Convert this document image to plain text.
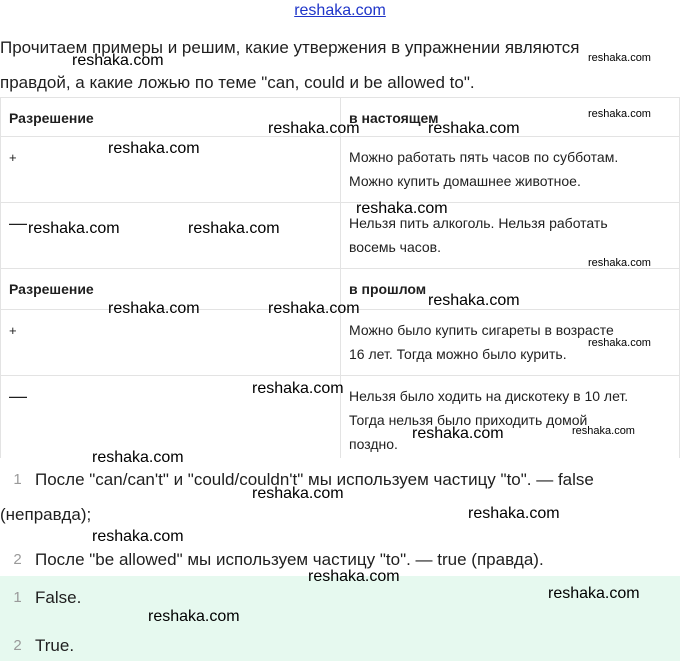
reshaka.com
Прочитаем примеры и решим, какие утвержения в упражнении являются
правдой, а какие ложью по теме "can, could и be allowed to".
Разрешение	в настоящем
+	Можно работать пять часов по субботам.
Можно купить домашнее животное.

—	Нельзя пить алкоголь. Нельзя работать
восемь часов.

Разрешение	в прошлом
+	Можно было купить сигареты в возрасте
16 лет. Тогда можно было курить.

—	Нельзя было ходить на дискотеку в 10 лет.
Тогда нельзя было приходить домой
поздно.
1 После "can/can't" и "could/couldn't" мы используем частицу "to". — false
(неправда);
2 После "be allowed" мы используем частицу "to". — true (правда).
1 False.
2 True.
reshaka.com	reshaka.com
reshaka.com
reshaka.com	reshaka.com
reshaka.com
reshaka.com
reshaka.com	reshaka.com
reshaka.com
reshaka.com
reshaka.com	reshaka.com
reshaka.com
reshaka.com
reshaka.com	reshaka.com
reshaka.com
reshaka.com
reshaka.com
reshaka.com
reshaka.com
reshaka.com
reshaka.com
